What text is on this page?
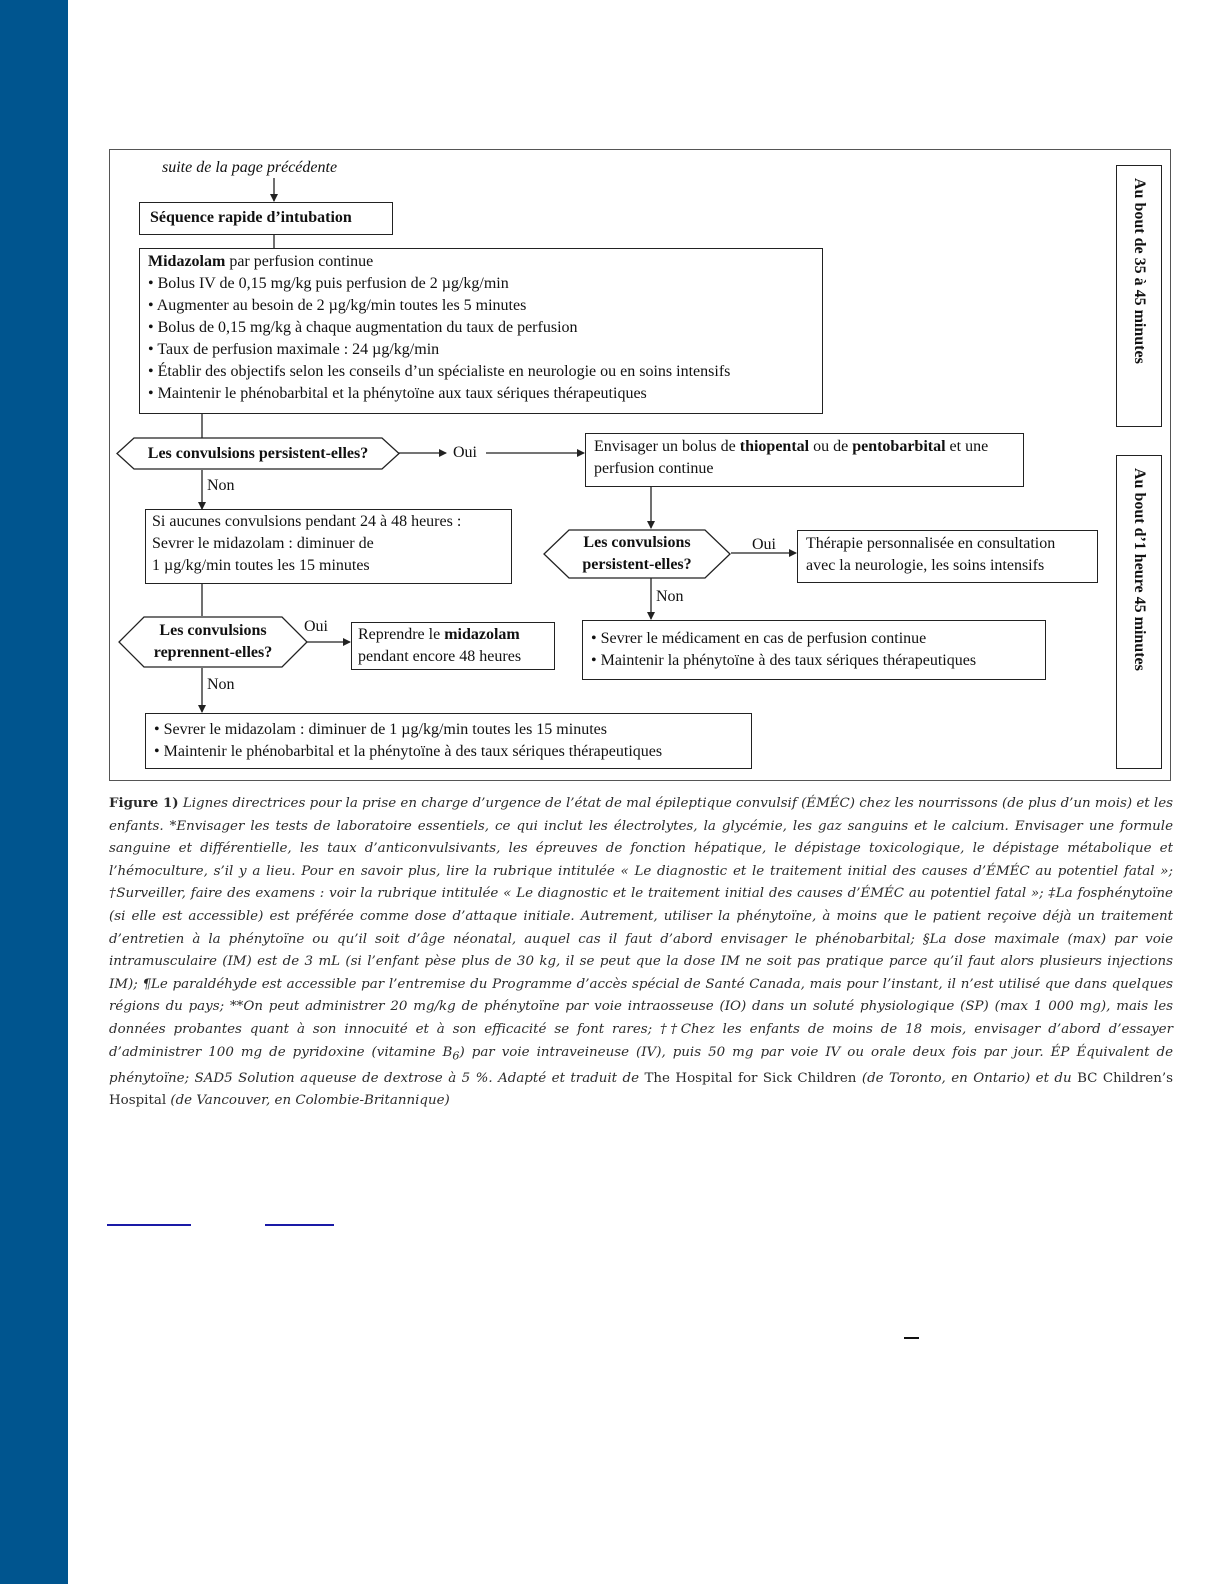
suite de la page précédente
Séquence rapide d’intubation
Midazolam par perfusion continue
• Bolus IV de 0,15 mg/kg puis perfusion de 2 µg/kg/min
• Augmenter au besoin de 2 µg/kg/min toutes les 5 minutes
• Bolus de 0,15 mg/kg à chaque augmentation du taux de perfusion
• Taux de perfusion maximale : 24 µg/kg/min
• Établir des objectifs selon les conseils d’un spécialiste en neurologie ou en soins intensifs
• Maintenir le phénobarbital et la phénytoïne aux taux sériques thérapeutiques
Les convulsions persistent-elles?	Oui
Non
Envisager un bolus de thiopental ou de pentobarbital et une perfusion continue
Si aucunes convulsions pendant 24 à 48 heures :
Sevrer le midazolam : diminuer de
1 µg/kg/min toutes les 15 minutes
Les convulsions
persistent-elles?
Oui
Non
Thérapie personnalisée en consultation
avec la neurologie, les soins intensifs
Les convulsions
reprennent-elles?
Oui
Non
Reprendre le midazolam
pendant encore 48 heures
• Sevrer le médicament en cas de perfusion continue
• Maintenir la phénytoïne à des taux sériques thérapeutiques
• Sevrer le midazolam : diminuer de 1 µg/kg/min toutes les 15 minutes
• Maintenir le phénobarbital et la phénytoïne à des taux sériques thérapeutiques
Au bout de 35 à 45 minutes
Au bout d’1 heure 45 minutes
Figure 1) Lignes directrices pour la prise en charge d’urgence de l’état de mal épileptique convulsif (ÉMÉC) chez les nourrissons (de plus d’un mois) et les enfants. *Envisager les tests de laboratoire essentiels, ce qui inclut les électrolytes, la glycémie, les gaz sanguins et le calcium. Envisager une formule sanguine et différentielle, les taux d’anticonvulsivants, les épreuves de fonction hépatique, le dépistage toxicologique, le dépistage métabolique et l’hémoculture, s’il y a lieu. Pour en savoir plus, lire la rubrique intitulée « Le diagnostic et le traitement initial des causes d’ÉMÉC au potentiel fatal »; †Surveiller, faire des examens : voir la rubrique intitulée « Le diagnostic et le traitement initial des causes d’ÉMÉC au potentiel fatal »; ‡La fosphénytoïne (si elle est accessible) est préférée comme dose d’attaque initiale. Autrement, utiliser la phénytoïne, à moins que le patient reçoive déjà un traitement d’entretien à la phénytoïne ou qu’il soit d’âge néonatal, auquel cas il faut d’abord envisager le phénobarbital; §La dose maximale (max) par voie intramusculaire (IM) est de 3 mL (si l’enfant pèse plus de 30 kg, il se peut que la dose IM ne soit pas pratique parce qu’il faut alors plusieurs injections IM); ¶Le paraldéhyde est accessible par l’entremise du Programme d’accès spécial de Santé Canada, mais pour l’instant, il n’est utilisé que dans quelques régions du pays; **On peut administrer 20 mg/kg de phénytoïne par voie intraosseuse (IO) dans un soluté physiologique (SP) (max 1 000 mg), mais les données probantes quant à son innocuité et à son efficacité se font rares; ††Chez les enfants de moins de 18 mois, envisager d’abord d’essayer d’administrer 100 mg de pyridoxine (vitamine $B_6$) par voie intraveineuse (IV), puis 50 mg par voie IV ou orale deux fois par jour. ÉP Équivalent de phénytoïne; SAD5 Solution aqueuse de dextrose à 5 %. Adapté et traduit de The Hospital for Sick Children (de Toronto, en Ontario) et du BC Children’s Hospital (de Vancouver, en Colombie-Britannique)
